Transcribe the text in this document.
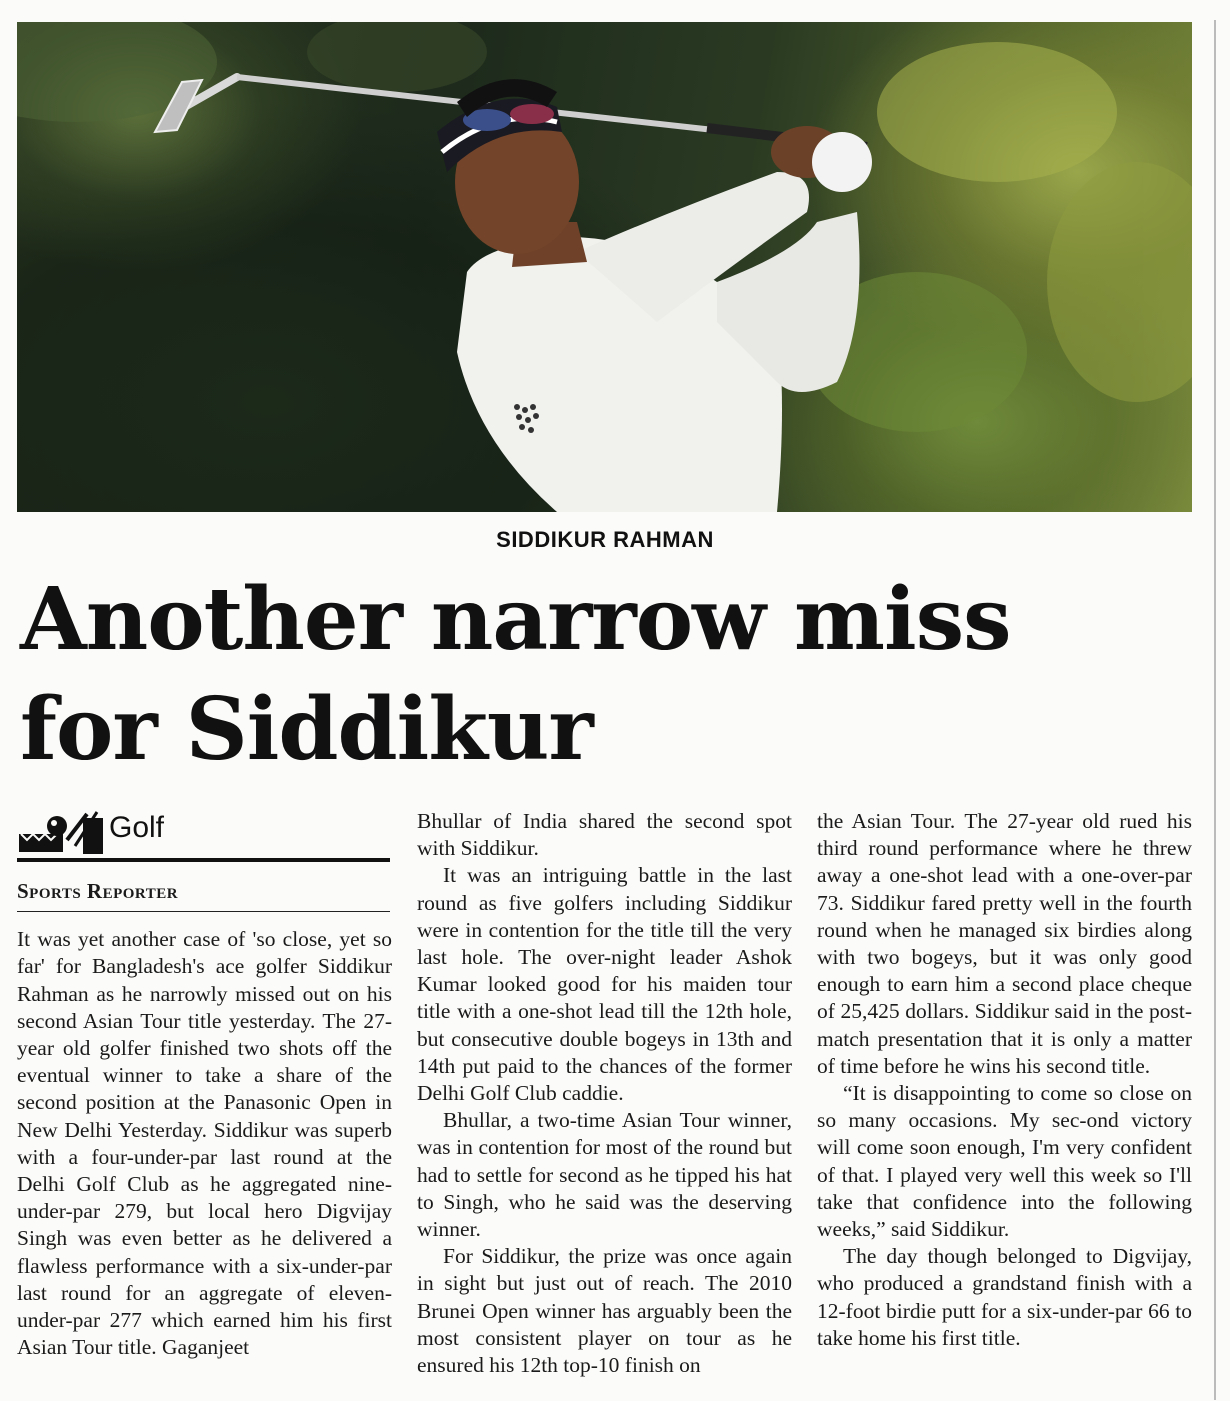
SIDDIKUR RAHMAN
Another narrow miss
for Siddikur
Golf
Sports Reporter

It was yet another case of 'so close, yet so far' for Bangladesh's ace golfer Siddikur Rahman as he narrowly missed out on his second Asian Tour title yesterday. The 27-year old golfer finished two shots off the eventual winner to take a share of the second position at the Panasonic Open in New Delhi Yesterday. Siddikur was superb with a four-under-par last round at the Delhi Golf Club as he aggregated nine-under-par 279, but local hero Digvijay Singh was even better as he delivered a flawless performance with a six-under-par last round for an aggregate of eleven-under-par 277 which earned him his first Asian Tour title. Gaganjeet

Bhullar of India shared the second spot with Siddikur.

It was an intriguing battle in the last round as five golfers including Siddikur were in contention for the title till the very last hole. The over-night leader Ashok Kumar looked good for his maiden tour title with a one-shot lead till the 12th hole, but consecutive double bogeys in 13th and 14th put paid to the chances of the former Delhi Golf Club caddie.

Bhullar, a two-time Asian Tour winner, was in contention for most of the round but had to settle for second as he tipped his hat to Singh, who he said was the deserving winner.

For Siddikur, the prize was once again in sight but just out of reach. The 2010 Brunei Open winner has arguably been the most consistent player on tour as he ensured his 12th top-10 finish on

the Asian Tour. The 27-year old rued his third round performance where he threw away a one-shot lead with a one-over-par 73. Siddikur fared pretty well in the fourth round when he managed six birdies along with two bogeys, but it was only good enough to earn him a second place cheque of 25,425 dollars. Siddikur said in the post-match presentation that it is only a matter of time before he wins his second title.

“It is disappointing to come so close on so many occasions. My sec-ond victory will come soon enough, I'm very confident of that. I played very well this week so I'll take that confidence into the following weeks,” said Siddikur.

The day though belonged to Digvijay, who produced a grandstand finish with a 12-foot birdie putt for a six-under-par 66 to take home his first title.
